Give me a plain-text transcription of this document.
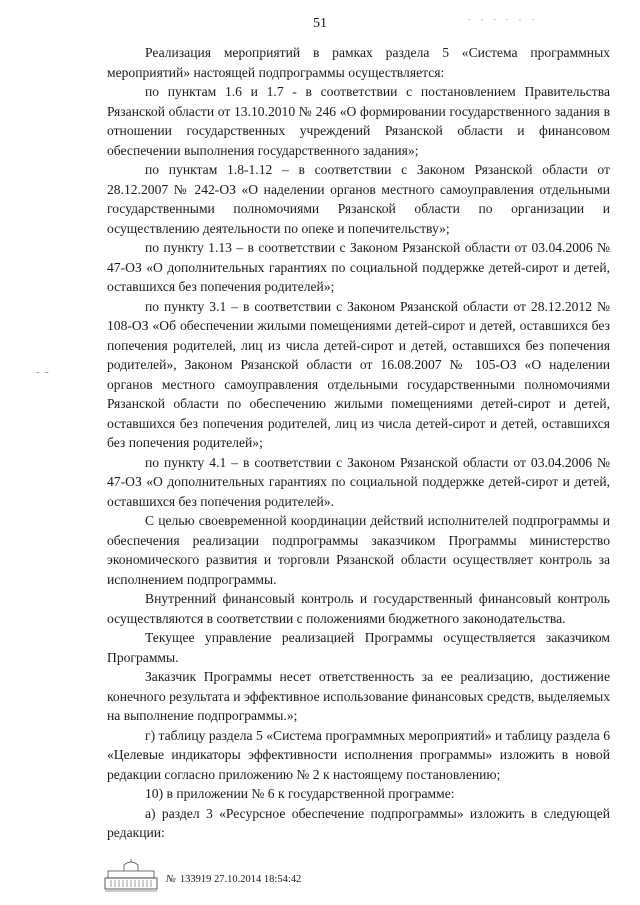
‐ ‐ ‐ ‐ ‐ ‐
51
-  -

Реализация мероприятий в рамках раздела 5 «Система программных мероприятий» настоящей подпрограммы осуществляется:

по пунктам 1.6 и 1.7 - в соответствии с постановлением Правительства Рязанской области от 13.10.2010 № 246 «О формировании государственного задания в отношении государственных учреждений Рязанской области и финансовом обеспечении выполнения государственного задания»;

по пунктам 1.8-1.12 – в соответствии с Законом Рязанской области от 28.12.2007 № 242-ОЗ «О наделении органов местного самоуправления отдельными государственными полномочиями Рязанской области по организации и осуществлению деятельности по опеке и попечительству»;

по пункту 1.13 – в соответствии с Законом Рязанской области от 03.04.2006 № 47-ОЗ «О дополнительных гарантиях по социальной поддержке детей-сирот и детей, оставшихся без попечения родителей»;

по пункту 3.1 – в соответствии с Законом Рязанской области от 28.12.2012 № 108-ОЗ «Об обеспечении жилыми помещениями детей-сирот и детей, оставшихся без попечения родителей, лиц из числа детей-сирот и детей, оставшихся без попечения родителей», Законом Рязанской области от 16.08.2007 № 105-ОЗ «О наделении органов местного самоуправления отдельными государственными полномочиями Рязанской области по обеспечению жилыми помещениями детей-сирот и детей, оставшихся без попечения родителей, лиц из числа детей-сирот и детей, оставшихся без попечения родителей»;

по пункту 4.1 – в соответствии с Законом Рязанской области от 03.04.2006 № 47-ОЗ «О дополнительных гарантиях по социальной поддержке детей-сирот и детей, оставшихся без попечения родителей».

С целью своевременной координации действий исполнителей подпрограммы и обеспечения реализации подпрограммы заказчиком Программы министерство экономического развития и торговли Рязанской области осуществляет контроль за исполнением подпрограммы.

Внутренний финансовый контроль и государственный финансовый контроль осуществляются в соответствии с положениями бюджетного законодательства.

Текущее управление реализацией Программы осуществляется заказчиком Программы.

Заказчик Программы несет ответственность за ее реализацию, достижение конечного результата и эффективное использование финансовых средств, выделяемых на выполнение подпрограммы.»;

г) таблицу раздела 5 «Система программных мероприятий» и таблицу раздела 6 «Целевые индикаторы эффективности исполнения программы» изложить в новой редакции согласно приложению № 2 к настоящему постановлению;

10) в приложении № 6 к государственной программе:

а) раздел 3 «Ресурсное обеспечение подпрограммы» изложить в следующей редакции:

№ 133919 27.10.2014 18:54:42
